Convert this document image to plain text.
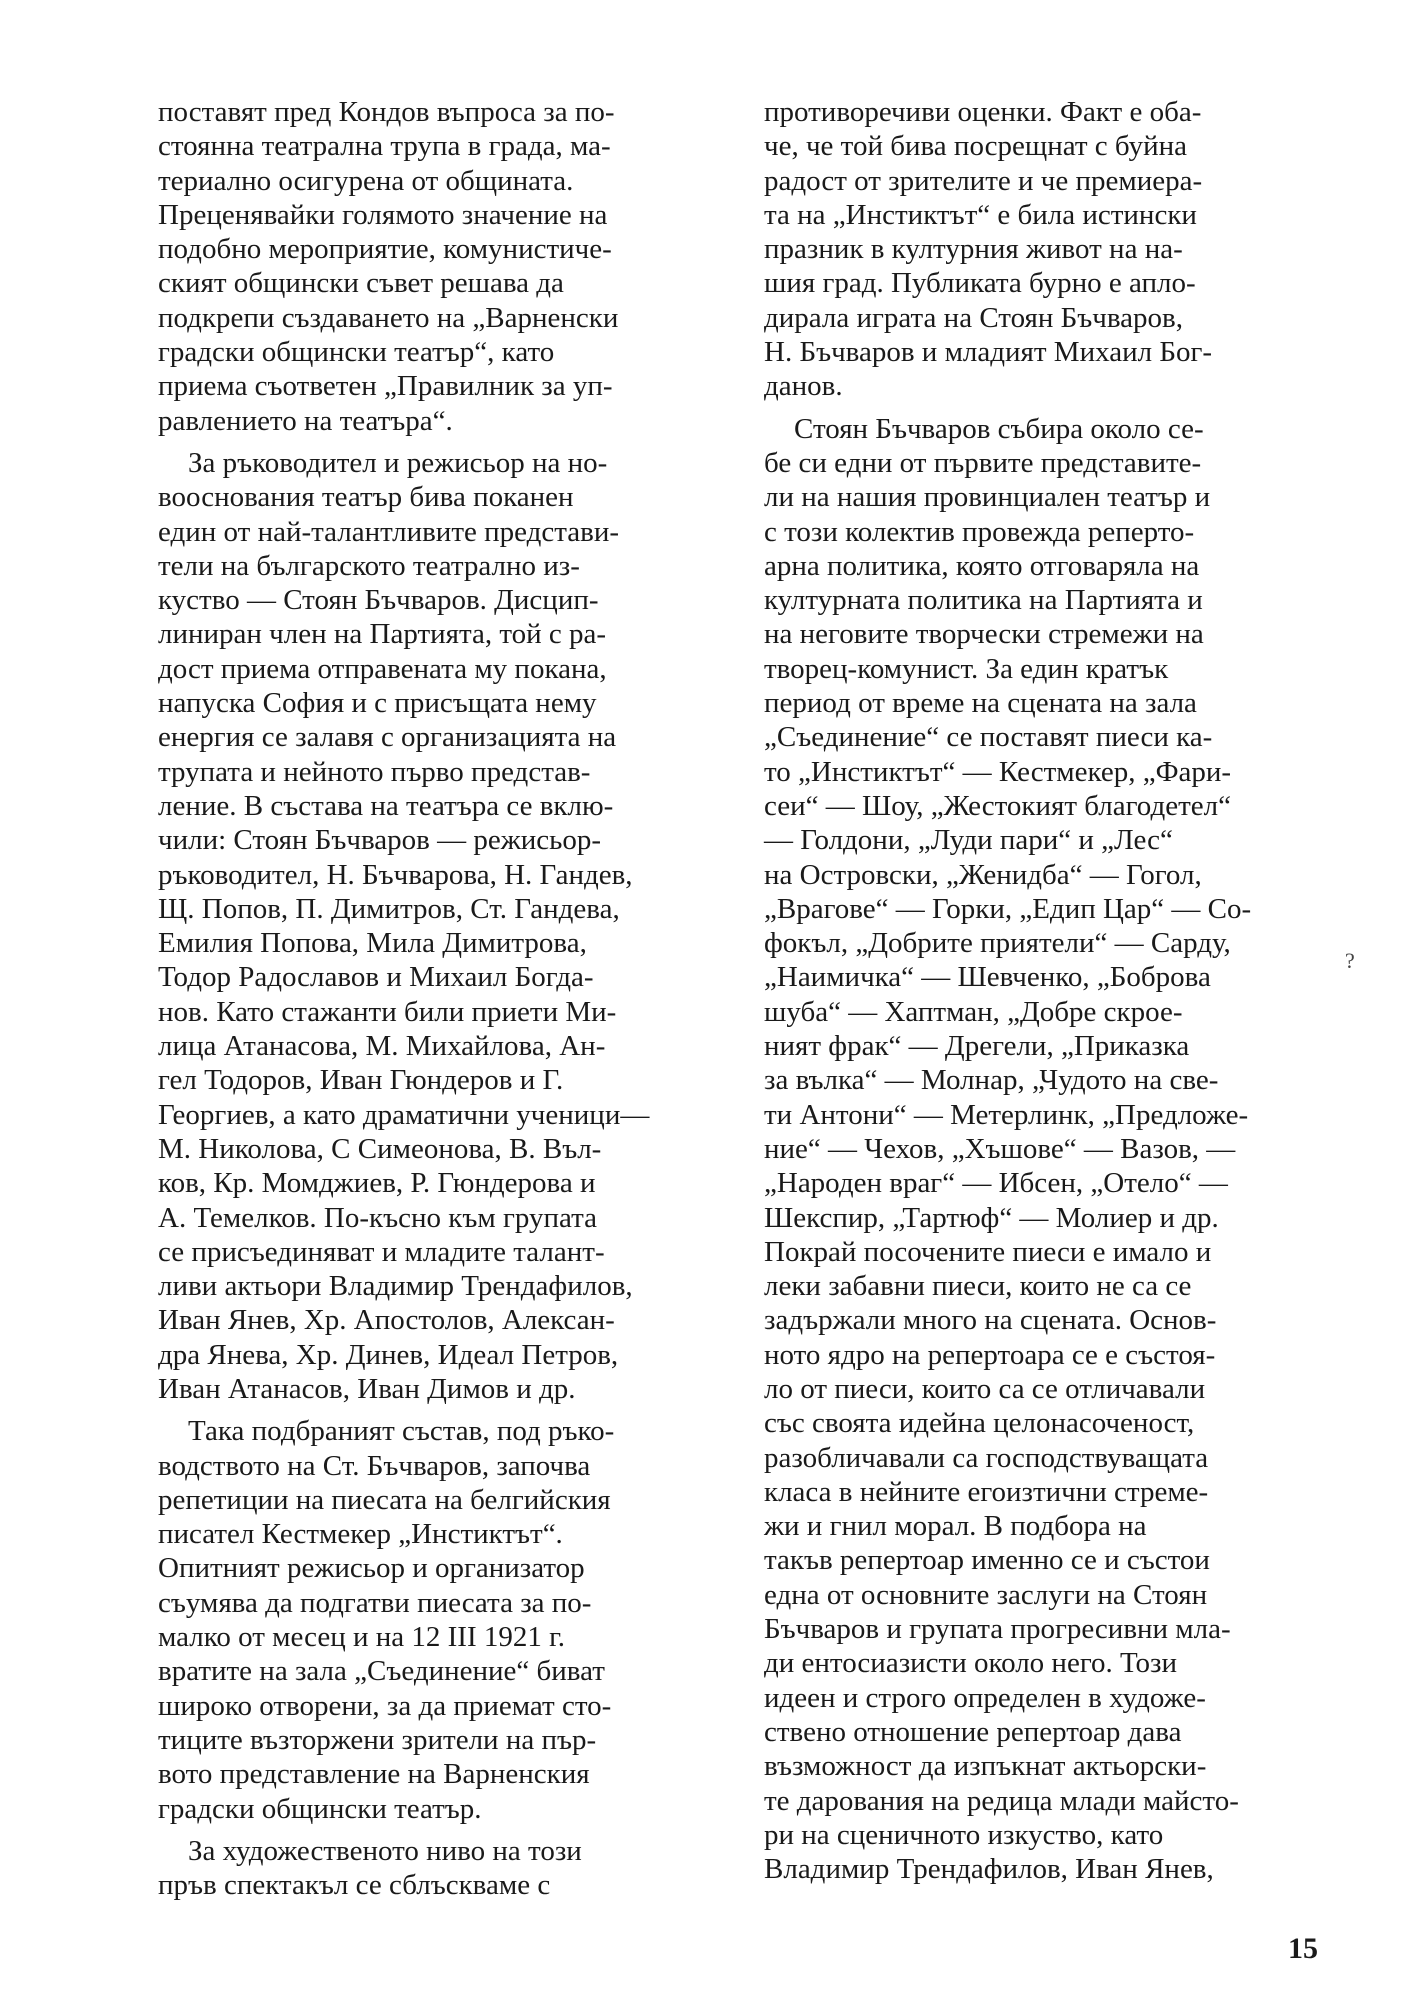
поставят пред Кондов въпроса за по-
стоянна театрална трупа в града, ма-
териално осигурена от общината.
Преценявайки голямото значение на
подобно мероприятие, комунистиче-
ският общински съвет решава да
подкрепи създаването на „Варненски
градски общински театър“, като
приема съответен „Правилник за уп-
равлението на театъра“.

За ръководител и режисьор на но-
вооснования театър бива поканен
един от най-талантливите представи-
тели на българското театрално из-
куство — Стоян Бъчваров. Дисцип-
линиран член на Партията, той с ра-
дост приема отправената му покана,
напуска София и с присъщата нему
енергия се залавя с организацията на
трупата и нейното първо представ-
ление. В състава на театъра се вклю-
чили: Стоян Бъчваров — режисьор-
ръководител, Н. Бъчварова, Н. Гандев,
Щ. Попов, П. Димитров, Ст. Гандева,
Емилия Попова, Мила Димитрова,
Тодор Радославов и Михаил Богда-
нов. Като стажанти били приети Ми-
лица Атанасова, М. Михайлова, Ан-
гел Тодоров, Иван Гюндеров и Г.
Георгиев, а като драматични ученици—
М. Николова, С Симеонова, В. Въл-
ков, Кр. Момджиев, Р. Гюндерова и
А. Темелков. По-късно към групата
се присъединяват и младите талант-
ливи актьори Владимир Трендафилов,
Иван Янев, Хр. Апостолов, Алексан-
дра Янева, Хр. Динев, Идеал Петров,
Иван Атанасов, Иван Димов и др.

Така подбраният състав, под ръко-
водството на Ст. Бъчваров, започва
репетиции на пиесата на белгийския
писател Кестмекер „Инстиктът“.
Опитният режисьор и организатор
съумява да подгатви пиесата за по-
малко от месец и на 12 III 1921 г.
вратите на зала „Съединение“ биват
широко отворени, за да приемат сто-
тиците възторжени зрители на пър-
вото представление на Варненския
градски общински театър.

За художественото ниво на този
пръв спектакъл се сблъскваме с

противоречиви оценки. Факт е оба-
че, че той бива посрещнат с буйна
радост от зрителите и че премиера-
та на „Инстиктът“ е била истински
празник в културния живот на на-
шия град. Публиката бурно е апло-
дирала играта на Стоян Бъчваров,
Н. Бъчваров и младият Михаил Бог-
данов.

Стоян Бъчваров събира около се-
бе си едни от първите представите-
ли на нашия провинциален театър и
с този колектив провежда реперто-
арна политика, която отговаряла на
културната политика на Партията и
на неговите творчески стремежи на
творец-комунист. За един кратък
период от време на сцената на зала
„Съединение“ се поставят пиеси ка-
то „Инстиктът“ — Кестмекер, „Фари-
сеи“ — Шоу, „Жестокият благодетел“
— Голдони, „Луди пари“ и „Лес“
на Островски, „Женидба“ — Гогол,
„Врагове“ — Горки, „Едип Цар“ — Со-
фокъл, „Добрите приятели“ — Сарду,
„Наимичка“ — Шевченко, „Боброва
шуба“ — Хаптман, „Добре скрое-
ният фрак“ — Дрегели, „Приказка
за вълка“ — Молнар, „Чудото на све-
ти Антони“ — Метерлинк, „Предложе-
ние“ — Чехов, „Хъшове“ — Вазов, —
„Народен враг“ — Ибсен, „Отело“ —
Шекспир, „Тартюф“ — Молиер и др.
Покрай посочените пиеси е имало и
леки забавни пиеси, които не са се
задържали много на сцената. Основ-
ното ядро на репертоара се е състоя-
ло от пиеси, които са се отличавали
със своята идейна целонасоченост,
разобличавали са господствуващата
класа в нейните егоизтични стреме-
жи и гнил морал. В подбора на
такъв репертоар именно се и състои
една от основните заслуги на Стоян
Бъчваров и групата прогресивни мла-
ди ентосиазисти около него. Този
идеен и строго определен в художе-
ствено отношение репертоар дава
възможност да изпъкнат актьорски-
те дарования на редица млади майсто-
ри на сценичното изкуство, като
Владимир Трендафилов, Иван Янев,

?
15
